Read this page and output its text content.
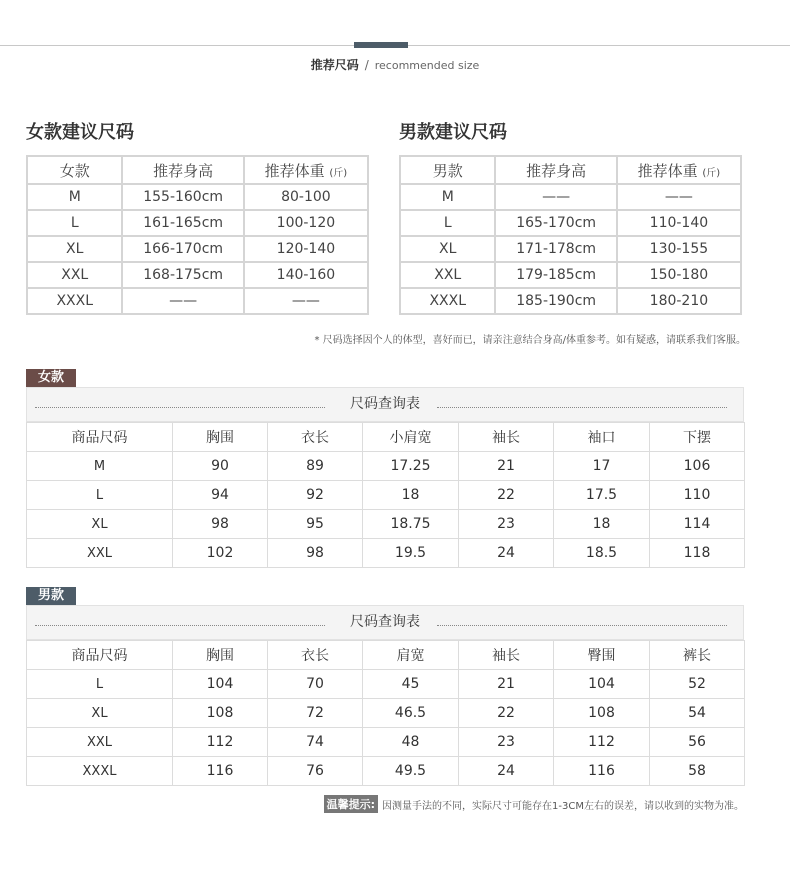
推荐尺码 / recommended size
女款建议尺码
女款	推荐身高	推荐体重 (斤)
M	155-160cm	80-100
L	161-165cm	100-120
XL	166-170cm	120-140
XXL	168-175cm	140-160
XXXL	——	——
男款建议尺码
男款	推荐身高	推荐体重 (斤)
M	——	——
L	165-170cm	110-140
XL	171-178cm	130-155
XXL	179-185cm	150-180
XXXL	185-190cm	180-210
* 尺码选择因个人的体型，喜好而已，请亲注意结合身高/体重参考。如有疑惑，请联系我们客服。
女款
尺码查询表
商品尺码	胸围	衣长	小肩宽	袖长	袖口	下摆
M	90	89	17.25	21	17	106
L	94	92	18	22	17.5	110
XL	98	95	18.75	23	18	114
XXL	102	98	19.5	24	18.5	118
男款
尺码查询表
商品尺码	胸围	衣长	肩宽	袖长	臀围	裤长
L	104	70	45	21	104	52
XL	108	72	46.5	22	108	54
XXL	112	74	48	23	112	56
XXXL	116	76	49.5	24	116	58
温馨提示: 因测量手法的不同，实际尺寸可能存在1-3CM左右的误差，请以收到的实物为准。
